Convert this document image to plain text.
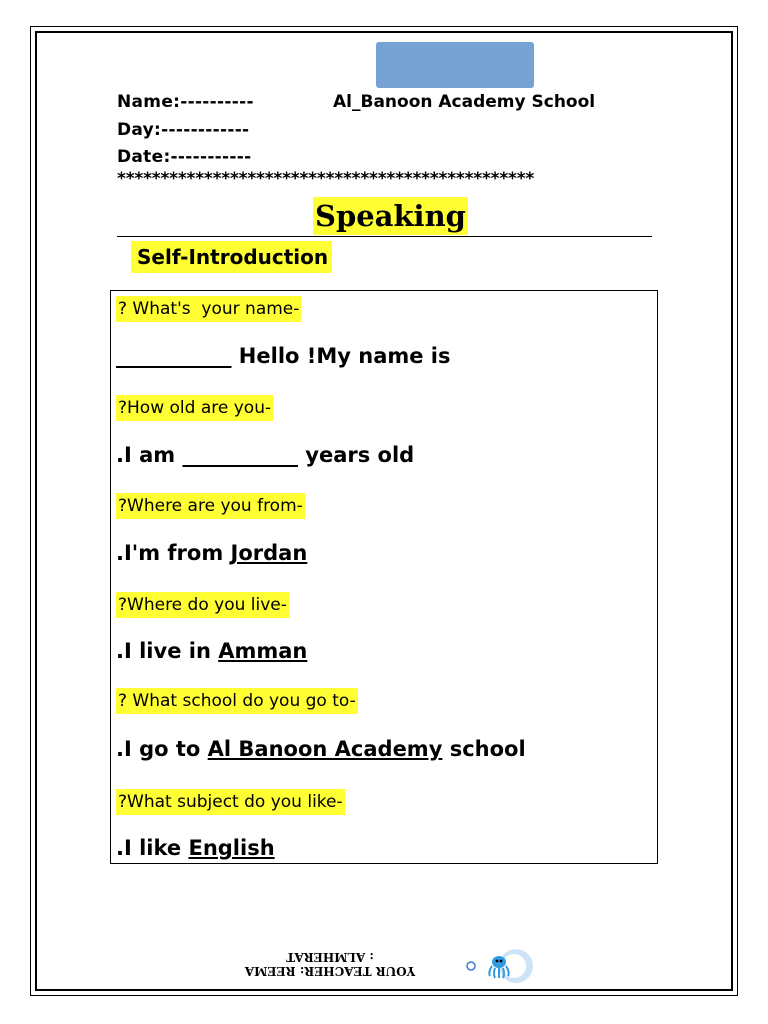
Name:----------	Al_Banoon Academy School
Day:------------
Date:-----------
************************************************
Speaking
Self-Introduction
? What's  your name-
___________ Hello !My name is
?How old are you-
.I am ___________ years old
?Where are you from-
.I'm from Jordan
?Where do you live-
.I live in Amman
? What school do you go to-
.I go to Al Banoon Academy school
?What subject do you like-
.I like English
YOUR TEACHER: REEMA
: ALMHERAT
